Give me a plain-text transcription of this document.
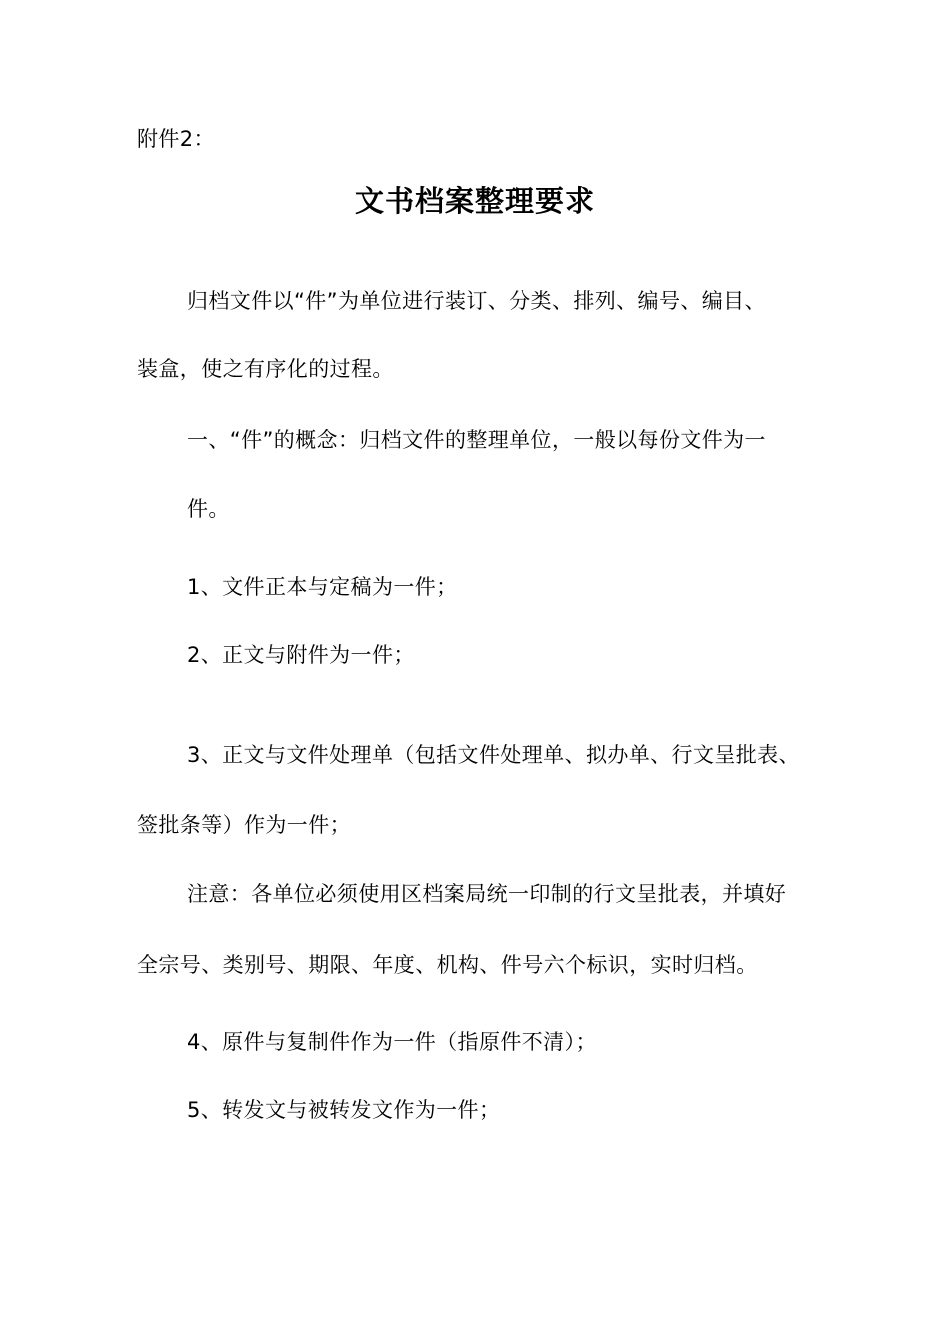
附件2：
文书档案整理要求
归档文件以“件”为单位进行装订、分类、排列、编号、编目、
装盒，使之有序化的过程。
一、“件”的概念：归档文件的整理单位，一般以每份文件为一
件。
1、文件正本与定稿为一件；
2、正文与附件为一件；
3、正文与文件处理单（包括文件处理单、拟办单、行文呈批表、
签批条等）作为一件；
注意：各单位必须使用区档案局统一印制的行文呈批表，并填好
全宗号、类别号、期限、年度、机构、件号六个标识，实时归档。
4、原件与复制件作为一件（指原件不清）；
5、转发文与被转发文作为一件；
